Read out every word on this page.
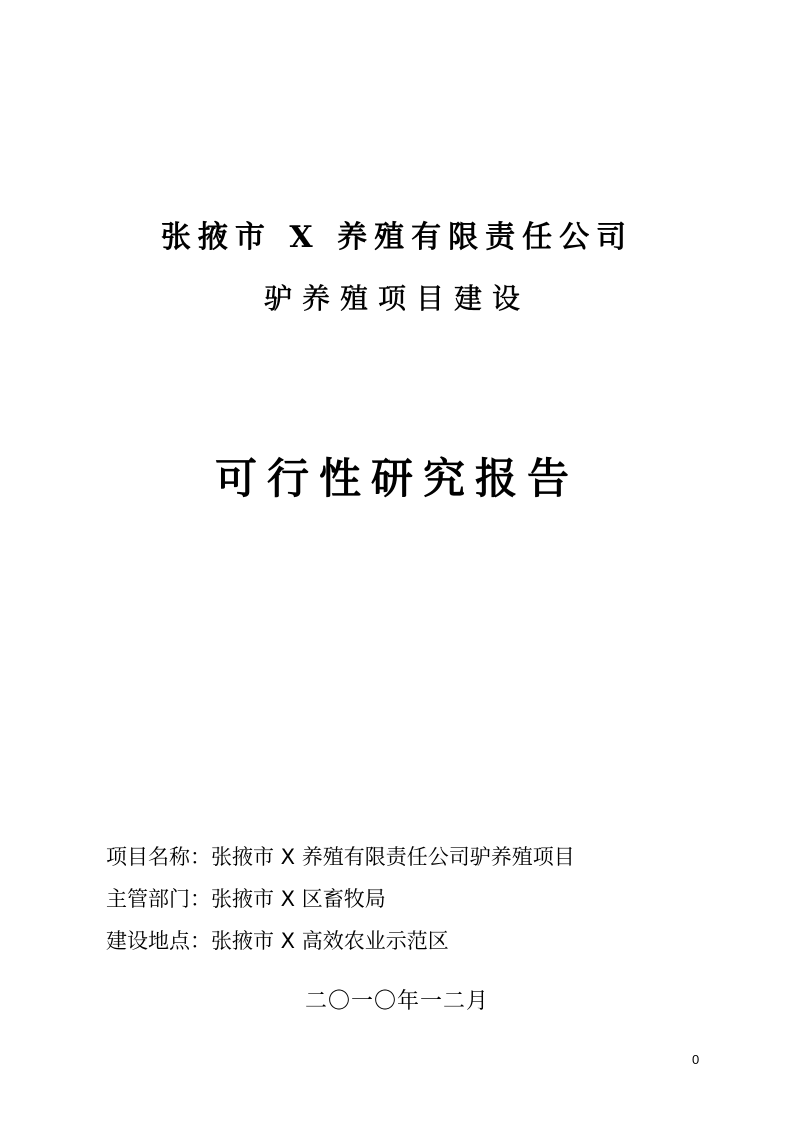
张掖市 X 养殖有限责任公司
驴养殖项目建设
可行性研究报告
项目名称：张掖市 X 养殖有限责任公司驴养殖项目
主管部门：张掖市 X 区畜牧局
建设地点：张掖市 X 高效农业示范区
二〇一〇年一二月
0
